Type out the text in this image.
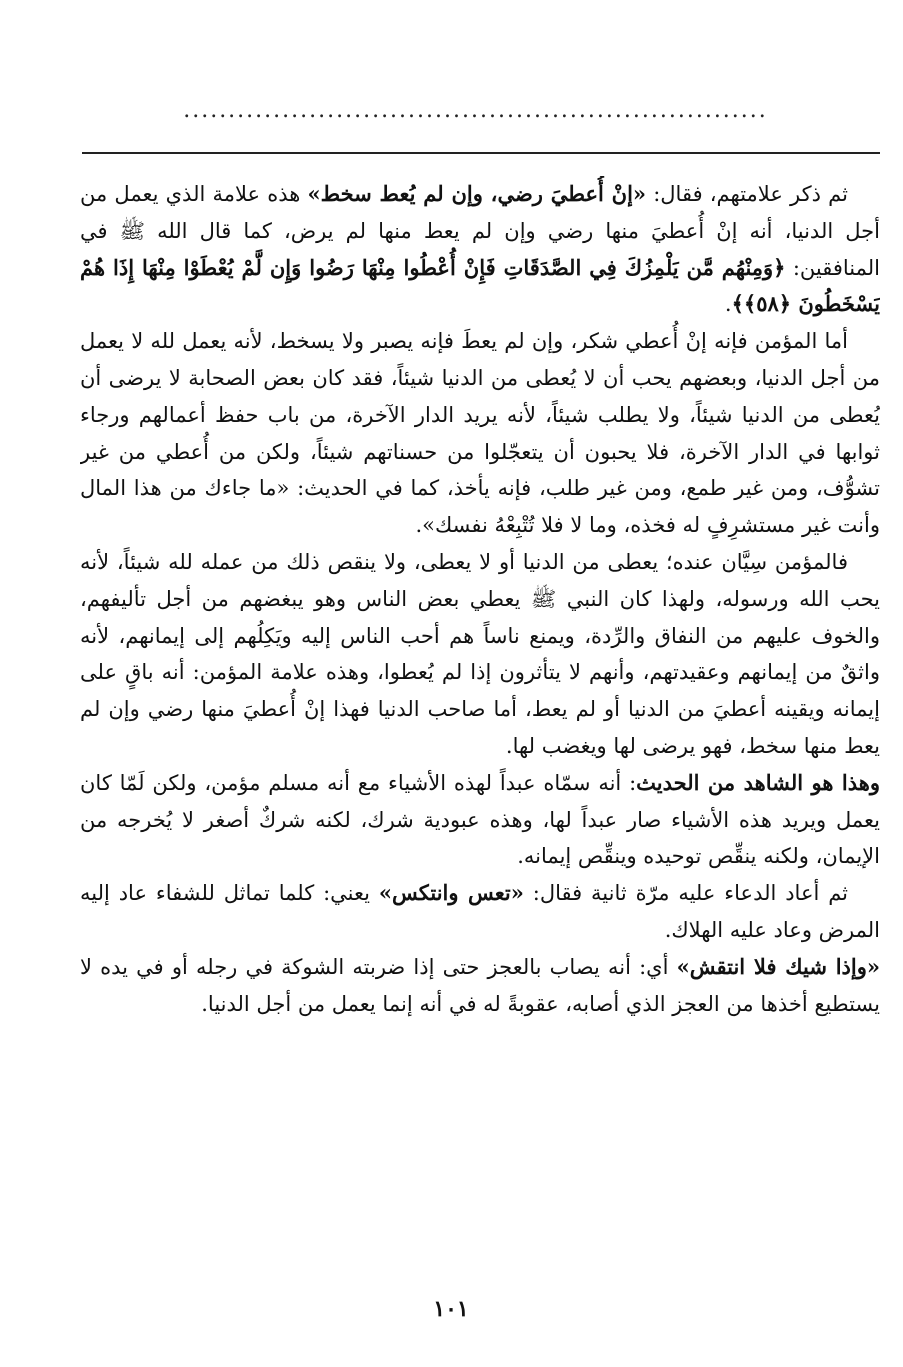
.................................................................

ثم ذكر علامتهم، فقال: «إنْ أُعطيَ رضي، وإن لم يُعط سخط» هذه علامة الذي يعمل من أجل الدنيا، أنه إنْ أُعطيَ منها رضي وإن لم يعط منها لم يرض، كما قال الله ﷺ في المنافقين: ﴿وَمِنْهُم مَّن يَلْمِزُكَ فِي الصَّدَقَاتِ فَإِنْ أُعْطُوا مِنْهَا رَضُوا وَإِن لَّمْ يُعْطَوْا مِنْهَا إِذَا هُمْ يَسْخَطُونَ ﴿٥٨﴾﴾.

أما المؤمن فإنه إنْ أُعطي شكر، وإن لم يعطَ فإنه يصبر ولا يسخط، لأنه يعمل لله لا يعمل من أجل الدنيا، وبعضهم يحب أن لا يُعطى من الدنيا شيئاً، فقد كان بعض الصحابة لا يرضى أن يُعطى من الدنيا شيئاً، ولا يطلب شيئاً، لأنه يريد الدار الآخرة، من باب حفظ أعمالهم ورجاء ثوابها في الدار الآخرة، فلا يحبون أن يتعجّلوا من حسناتهم شيئاً، ولكن من أُعطي من غير تشوُّف، ومن غير طمع، ومن غير طلب، فإنه يأخذ، كما في الحديث: «ما جاءك من هذا المال وأنت غير مستشرِفٍ له فخذه، وما لا فلا تُتْبِعْهُ نفسك».

فالمؤمن سِيَّان عنده؛ يعطى من الدنيا أو لا يعطى، ولا ينقص ذلك من عمله لله شيئاً، لأنه يحب الله ورسوله، ولهذا كان النبي ﷺ يعطي بعض الناس وهو يبغضهم من أجل تأليفهم، والخوف عليهم من النفاق والرِّدة، ويمنع ناساً هم أحب الناس إليه ويَكِلُهم إلى إيمانهم، لأنه واثقٌ من إيمانهم وعقيدتهم، وأنهم لا يتأثرون إذا لم يُعطوا، وهذه علامة المؤمن: أنه باقٍ على إيمانه ويقينه أعطيَ من الدنيا أو لم يعط، أما صاحب الدنيا فهذا إنْ أُعطيَ منها رضي وإن لم يعط منها سخط، فهو يرضى لها ويغضب لها.

وهذا هو الشاهد من الحديث: أنه سمّاه عبداً لهذه الأشياء مع أنه مسلم مؤمن، ولكن لَمّا كان يعمل ويريد هذه الأشياء صار عبداً لها، وهذه عبودية شرك، لكنه شركٌ أصغر لا يُخرجه من الإيمان، ولكنه ينقِّص توحيده وينقِّص إيمانه.

ثم أعاد الدعاء عليه مرّة ثانية فقال: «تعس وانتكس» يعني: كلما تماثل للشفاء عاد إليه المرض وعاد عليه الهلاك.

«وإذا شيك فلا انتقش» أي: أنه يصاب بالعجز حتى إذا ضربته الشوكة في رجله أو في يده لا يستطيع أخذها من العجز الذي أصابه، عقوبةً له في أنه إنما يعمل من أجل الدنيا.

١٠١
